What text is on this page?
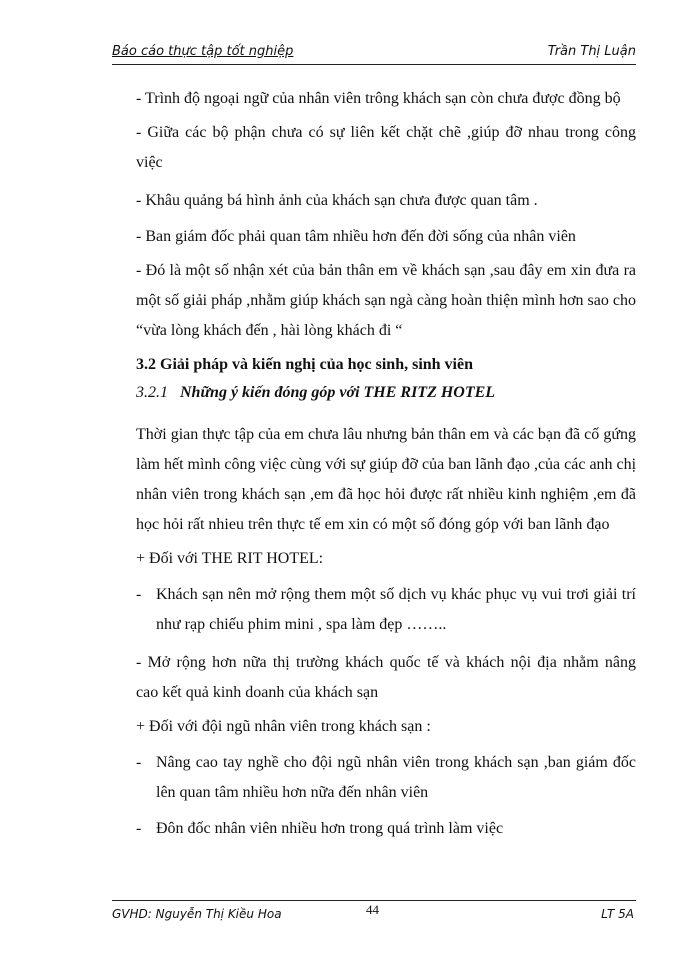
Báo cáo thực tập tốt nghiệp	Trần Thị Luận
- Trình độ ngoại ngữ của nhân viên trông khách sạn còn chưa được đồng bộ
- Giữa các bộ phận chưa có sự liên kết chặt chẽ ,giúp đỡ nhau trong công
việc
- Khâu quảng bá hình ảnh của khách sạn chưa được quan tâm .
- Ban giám đốc phải quan tâm nhiều hơn đến đời sống của nhân viên
- Đó là một số nhận xét của bản thân em về khách sạn ,sau đây em xin đưa ra
một số giải pháp ,nhằm giúp khách sạn ngà càng hoàn thiện mình hơn sao cho
“vừa lòng khách đến , hài lòng khách đi “
3.2 Giải pháp và kiến nghị của học sinh, sinh viên
3.2.1 Những ý kiến đóng góp với THE RITZ HOTEL
Thời gian thực tập của em chưa lâu nhưng bản thân em và các bạn đã cố gứng
làm hết mình công việc cùng với sự giúp đỡ của ban lãnh đạo ,của các anh chị
nhân viên trong khách sạn ,em đã học hỏi được rất nhiều kinh nghiệm ,em đã
học hỏi rất nhieu trên thực tế em xin có một số đóng góp với ban lãnh đạo
+ Đối với THE RIT HOTEL:
- Khách sạn nên mở rộng them một số dịch vụ khác phục vụ vui trơi giải trí
như rạp chiếu phim mini , spa làm đẹp ……..
- Mở rộng hơn nữa thị trường khách quốc tế và khách nội địa nhằm nâng
cao kết quả kinh doanh của khách sạn
+ Đối với đội ngũ nhân viên trong khách sạn :
- Nâng cao tay nghề cho đội ngũ nhân viên trong khách sạn ,ban giám đốc
lên quan tâm nhiều hơn nữa đến nhân viên
- Đôn đốc nhân viên nhiều hơn trong quá trình làm việc
GVHD: Nguyễn Thị Kiều Hoa	44	LT 5A
